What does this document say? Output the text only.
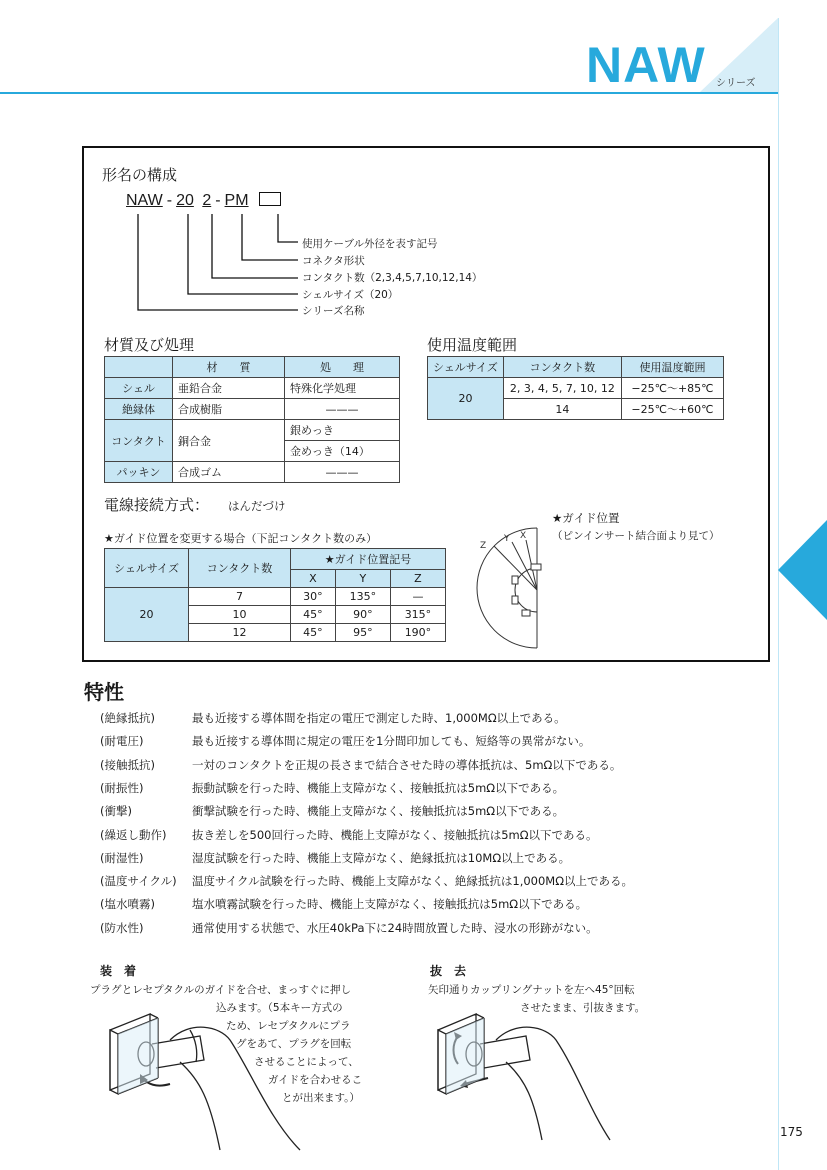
NAW シリーズ
形名の構成
NAW - 20 2 - PM
使用ケーブル外径を表す記号
コネクタ形状
コンタクト数（2,3,4,5,7,10,12,14）
シェルサイズ（20）
シリーズ名称
材質及び処理
	材　　質	処　　理
シェル	亜鉛合金	特殊化学処理
絶縁体	合成樹脂	———
コンタクト	銅合金	銀めっき
		金めっき（14）
パッキン	合成ゴム	———
使用温度範囲
シェルサイズ	コンタクト数	使用温度範囲
20	2, 3, 4, 5, 7, 10, 12	−25℃～+85℃
	14	−25℃～+60℃
電線接続方式： はんだづけ
★ガイド位置を変更する場合（下記コンタクト数のみ）
シェルサイズ	コンタクト数	★ガイド位置記号		
		X	Y	Z
20	7	30°	135°	—
	10	45°	90°	315°
	12	45°	95°	190°
★ガイド位置
（ピンインサート結合面より見て）
Z
Y X
特性
(絶縁抵抗)	最も近接する導体間を指定の電圧で測定した時、1,000MΩ以上である。
(耐電圧)	最も近接する導体間に規定の電圧を1分間印加しても、短絡等の異常がない。
(接触抵抗)	一対のコンタクトを正規の長さまで結合させた時の導体抵抗は、5mΩ以下である。
(耐振性)	振動試験を行った時、機能上支障がなく、接触抵抗は5mΩ以下である。
(衝撃)	衝撃試験を行った時、機能上支障がなく、接触抵抗は5mΩ以下である。
(繰返し動作) 抜き差しを500回行った時、機能上支障がなく、接触抵抗は5mΩ以下である。
(耐湿性)	湿度試験を行った時、機能上支障がなく、絶縁抵抗は10MΩ以上である。
(温度サイクル) 温度サイクル試験を行った時、機能上支障がなく、絶縁抵抗は1,000MΩ以上である。
(塩水噴霧)	塩水噴霧試験を行った時、機能上支障がなく、接触抵抗は5mΩ以下である。
(防水性)	通常使用する状態で、水圧40kPa下に24時間放置した時、浸水の形跡がない。
装　着
プラグとレセプタクルのガイドを合せ、まっすぐに押し
込みます。（5本キー方式の
ため、レセプタクルにプラ
グをあて、プラグを回転
させることによって、
ガイドを合わせるこ
とが出来ます。）
抜　去
矢印通りカップリングナットを左へ45°回転
させたまま、引抜きます。
175
